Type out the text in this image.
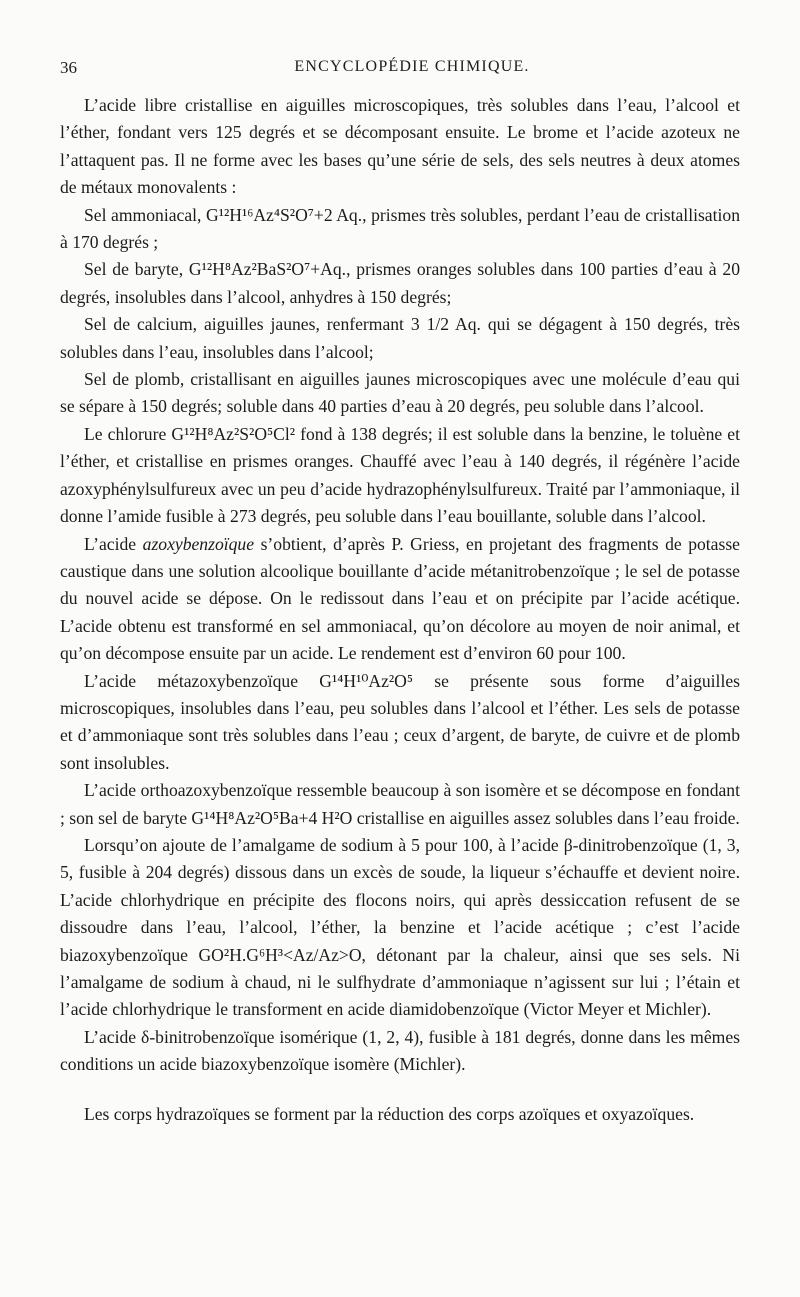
36	ENCYCLOPÉDIE CHIMIQUE.

L’acide libre cristallise en aiguilles microscopiques, très solubles dans l’eau, l’alcool et l’éther, fondant vers 125 degrés et se décomposant ensuite. Le brome et l’acide azoteux ne l’attaquent pas. Il ne forme avec les bases qu’une série de sels, des sels neutres à deux atomes de métaux monovalents :

Sel ammoniacal, G¹²H¹⁶Az⁴S²O⁷+2 Aq., prismes très solubles, perdant l’eau de cristallisation à 170 degrés ;

Sel de baryte, G¹²H⁸Az²BaS²O⁷+Aq., prismes oranges solubles dans 100 parties d’eau à 20 degrés, insolubles dans l’alcool, anhydres à 150 degrés;

Sel de calcium, aiguilles jaunes, renfermant 3 1/2 Aq. qui se dégagent à 150 degrés, très solubles dans l’eau, insolubles dans l’alcool;

Sel de plomb, cristallisant en aiguilles jaunes microscopiques avec une molécule d’eau qui se sépare à 150 degrés; soluble dans 40 parties d’eau à 20 degrés, peu soluble dans l’alcool.

Le chlorure G¹²H⁸Az²S²O⁵Cl² fond à 138 degrés; il est soluble dans la benzine, le toluène et l’éther, et cristallise en prismes oranges. Chauffé avec l’eau à 140 degrés, il régénère l’acide azoxyphénylsulfureux avec un peu d’acide hydrazophénylsulfureux. Traité par l’ammoniaque, il donne l’amide fusible à 273 degrés, peu soluble dans l’eau bouillante, soluble dans l’alcool.

L’acide azoxybenzoïque s’obtient, d’après P. Griess, en projetant des fragments de potasse caustique dans une solution alcoolique bouillante d’acide métanitrobenzoïque ; le sel de potasse du nouvel acide se dépose. On le redissout dans l’eau et on précipite par l’acide acétique. L’acide obtenu est transformé en sel ammoniacal, qu’on décolore au moyen de noir animal, et qu’on décompose ensuite par un acide. Le rendement est d’environ 60 pour 100.

L’acide métazoxybenzoïque G¹⁴H¹⁰Az²O⁵ se présente sous forme d’aiguilles microscopiques, insolubles dans l’eau, peu solubles dans l’alcool et l’éther. Les sels de potasse et d’ammoniaque sont très solubles dans l’eau ; ceux d’argent, de baryte, de cuivre et de plomb sont insolubles.

L’acide orthoazoxybenzoïque ressemble beaucoup à son isomère et se décompose en fondant ; son sel de baryte G¹⁴H⁸Az²O⁵Ba+4 H²O cristallise en aiguilles assez solubles dans l’eau froide.

Lorsqu’on ajoute de l’amalgame de sodium à 5 pour 100, à l’acide β-dinitrobenzoïque (1, 3, 5, fusible à 204 degrés) dissous dans un excès de soude, la liqueur s’échauffe et devient noire. L’acide chlorhydrique en précipite des flocons noirs, qui après dessiccation refusent de se dissoudre dans l’eau, l’alcool, l’éther, la benzine et l’acide acétique ; c’est l’acide biazoxybenzoïque GO²H.G⁶H³<Az/Az>O, détonant par la chaleur, ainsi que ses sels. Ni l’amalgame de sodium à chaud, ni le sulfhydrate d’ammoniaque n’agissent sur lui ; l’étain et l’acide chlorhydrique le transforment en acide diamidobenzoïque (Victor Meyer et Michler).

L’acide δ-binitrobenzoïque isomérique (1, 2, 4), fusible à 181 degrés, donne dans les mêmes conditions un acide biazoxybenzoïque isomère (Michler).

Les corps hydrazoïques se forment par la réduction des corps azoïques et oxyazoïques.
